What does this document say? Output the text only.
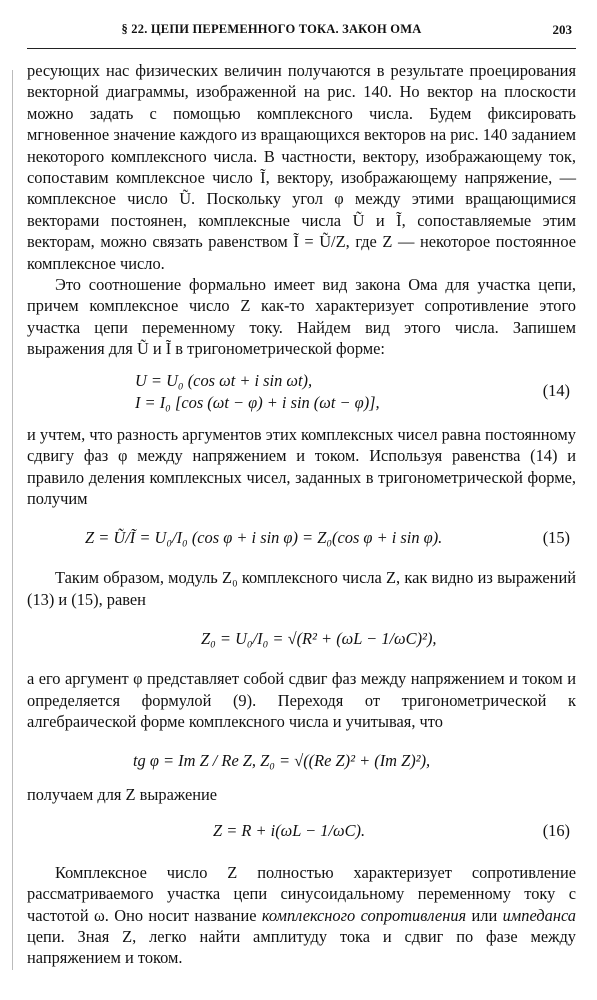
§ 22. ЦЕПИ ПЕРЕМЕННОГО ТОКА. ЗАКОН ОМА	203

ресующих нас физических величин получаются в результате проецирования векторной диаграммы, изображенной на рис. 140. Но вектор на плоскости можно задать с помощью комплексного числа. Будем фиксировать мгновенное значение каждого из вращающихся векторов на рис. 140 заданием некоторого комплексного числа. В частности, вектору, изображающему ток, сопоставим комплексное число Ĩ, вектору, изображающему напряжение, — комплексное число Ũ. Поскольку угол φ между этими вращающимися векторами постоянен, комплексные числа Ũ и Ĩ, сопоставляемые этим векторам, можно связать равенством Ĩ = Ũ/Z, где Z — некоторое постоянное комплексное число.

Это соотношение формально имеет вид закона Ома для участка цепи, причем комплексное число Z как-то характеризует сопротивление этого участка цепи переменному току. Найдем вид этого числа. Запишем выражения для Ũ и Ĩ в тригонометрической форме:

U = U₀ (cos ωt + i sin ωt),
I = I₀ [cos (ωt − φ) + i sin (ωt − φ)],
(14)

и учтем, что разность аргументов этих комплексных чисел равна постоянному сдвигу фаз φ между напряжением и током. Используя равенства (14) и правило деления комплексных чисел, заданных в тригонометрической форме, получим

Z = Ũ/Ĩ = U₀/I₀ (cos φ + i sin φ) = Z₀(cos φ + i sin φ).	(15)

Таким образом, модуль Z₀ комплексного числа Z, как видно из выражений (13) и (15), равен

Z₀ = U₀/I₀ = √(R² + (ωL − 1/ωC)²),

а его аргумент φ представляет собой сдвиг фаз между напряжением и током и определяется формулой (9). Переходя от тригонометрической к алгебраической форме комплексного числа и учитывая, что

tg φ = Im Z / Re Z, Z₀ = √((Re Z)² + (Im Z)²),

получаем для Z выражение

Z = R + i(ωL − 1/ωC).	(16)

Комплексное число Z полностью характеризует сопротивление рассматриваемого участка цепи синусоидальному переменному току с частотой ω. Оно носит название комплексного сопротивления или импеданса цепи. Зная Z, легко найти амплитуду тока и сдвиг по фазе между напряжением и током.
